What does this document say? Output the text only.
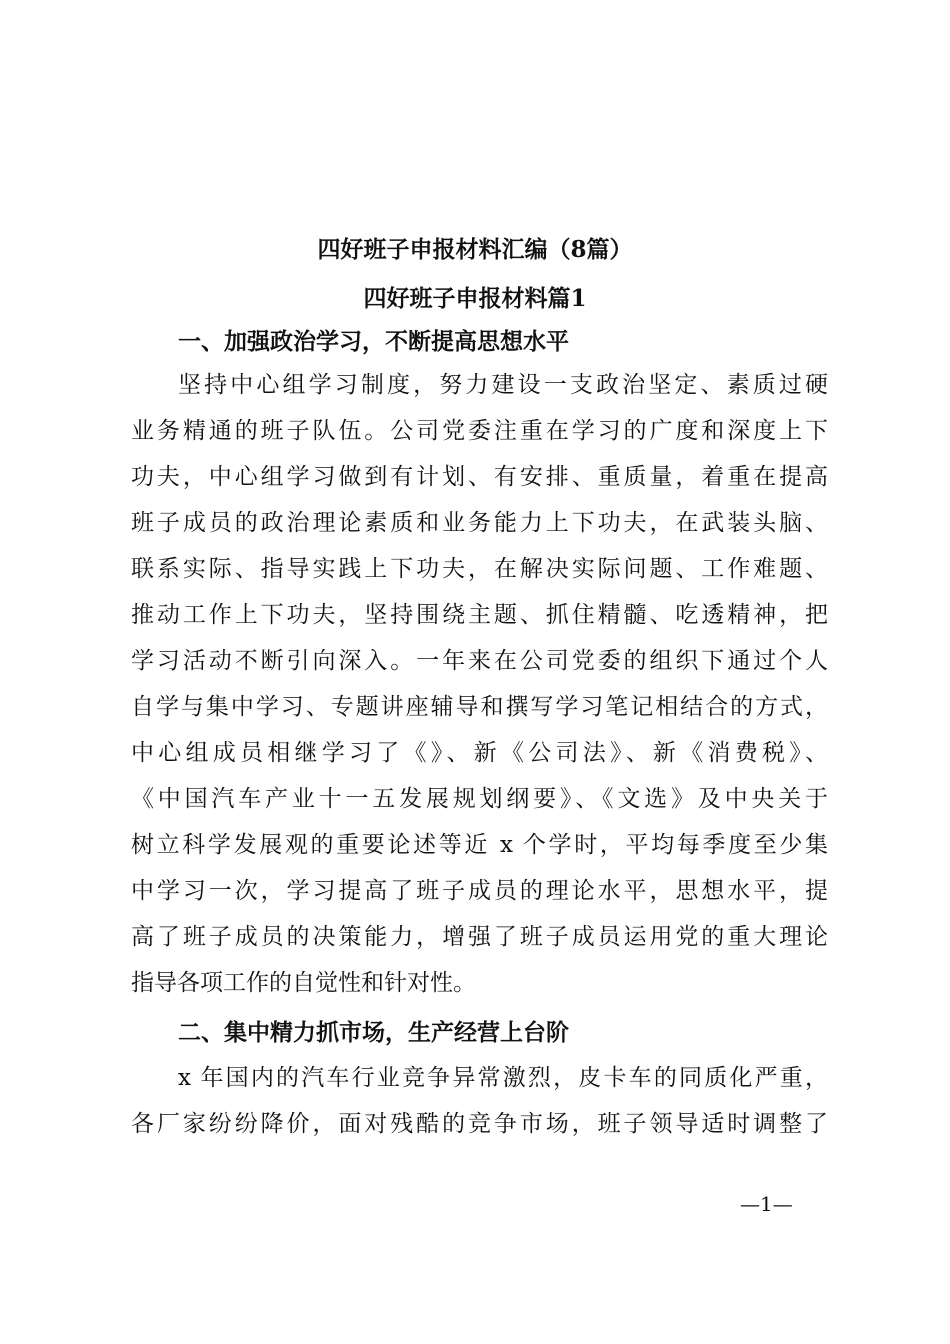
四好班子申报材料汇编（8篇）
四好班子申报材料篇1
一、加强政治学习，不断提高思想水平
坚持中心组学习制度，努力建设一支政治坚定、素质过硬
业务精通的班子队伍。公司党委注重在学习的广度和深度上下
功夫，中心组学习做到有计划、有安排、重质量，着重在提高
班子成员的政治理论素质和业务能力上下功夫，在武装头脑、
联系实际、指导实践上下功夫，在解决实际问题、工作难题、
推动工作上下功夫，坚持围绕主题、抓住精髓、吃透精神，把
学习活动不断引向深入。一年来在公司党委的组织下通过个人
自学与集中学习、专题讲座辅导和撰写学习笔记相结合的方式，
中心组成员相继学习了《》、新《公司法》、新《消费税》、
《中国汽车产业十一五发展规划纲要》、《文选》及中央关于
树立科学发展观的重要论述等近 x 个学时，平均每季度至少集
中学习一次，学习提高了班子成员的理论水平，思想水平，提
高了班子成员的决策能力，增强了班子成员运用党的重大理论
指导各项工作的自觉性和针对性。
二、集中精力抓市场，生产经营上台阶
x 年国内的汽车行业竞争异常激烈，皮卡车的同质化严重，
各厂家纷纷降价，面对残酷的竞争市场，班子领导适时调整了
—1—
